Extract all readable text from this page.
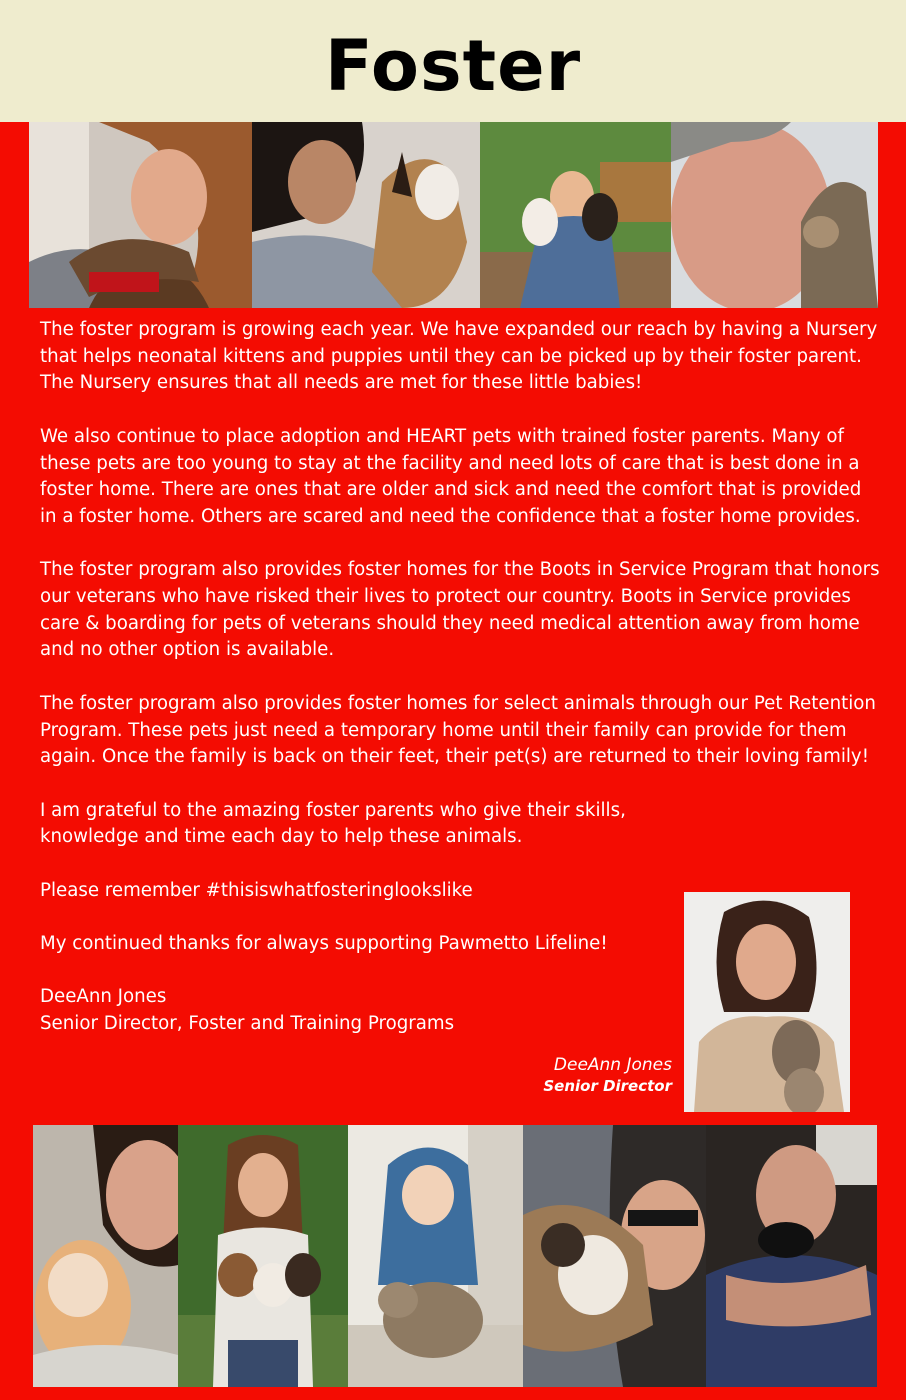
Foster

The foster program is growing each year. We have expanded our reach by having a Nursery that helps neonatal kittens and puppies until they can be picked up by their foster parent. The Nursery ensures that all needs are met for these little babies!

We also continue to place adoption and HEART pets with trained foster parents. Many of these pets are too young to stay at the facility and need lots of care that is best done in a foster home. There are ones that are older and sick and need the comfort that is provided in a foster home. Others are scared and need the confidence that a foster home provides.

The foster program also provides foster homes for the Boots in Service Program that honors our veterans who have risked their lives to protect our country. Boots in Service provides care & boarding for pets of veterans should they need medical attention away from home and no other option is available.

The foster program also provides foster homes for select animals through our Pet Retention Program. These pets just need a temporary home until their family can provide for them again. Once the family is back on their feet, their pet(s) are returned to their loving family!

I am grateful to the amazing foster parents who give their skills, knowledge and time each day to help these animals.

Please remember #thisiswhatfosteringlookslike

My continued thanks for always supporting Pawmetto Lifeline!

DeeAnn Jones
Senior Director, Foster and Training Programs
DeeAnn Jones
Senior Director
